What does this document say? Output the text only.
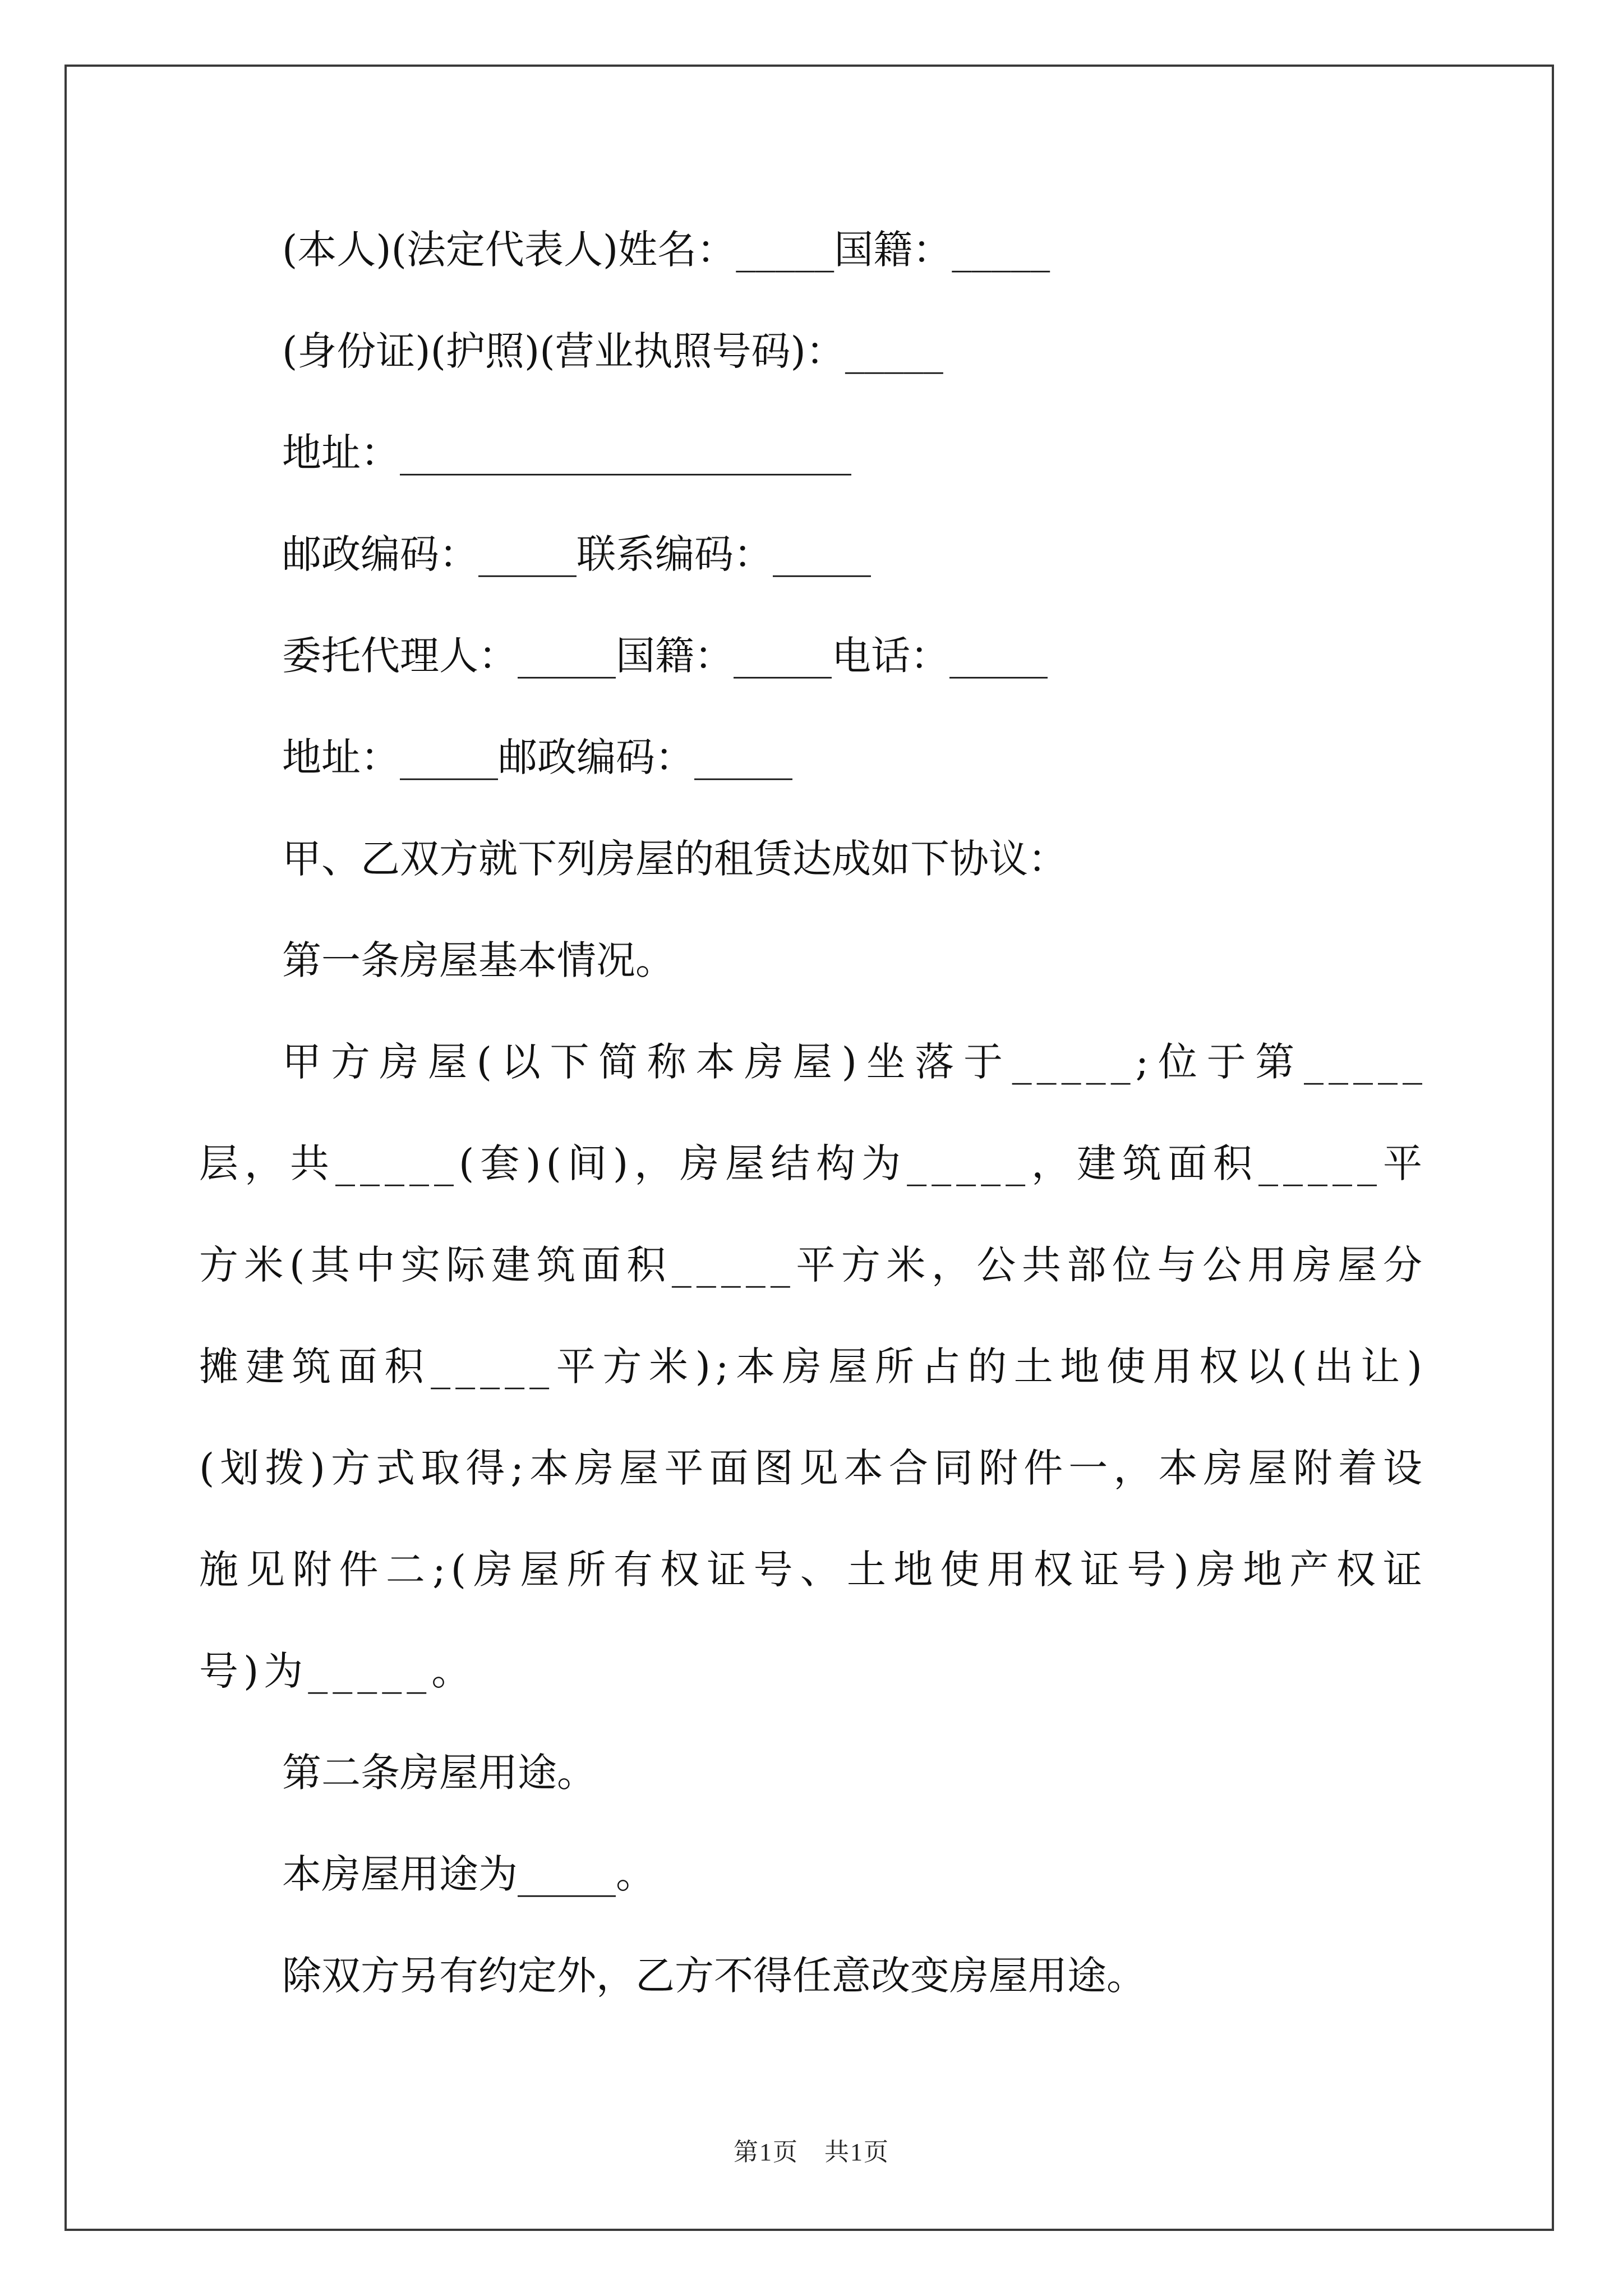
(本人)(法定代表人)姓名：_____国籍：_____

(身份证)(护照)(营业执照号码)：_____

地址：_______________________

邮政编码：_____联系编码：_____

委托代理人：_____国籍：_____电话：_____

地址：_____邮政编码：_____

甲、乙双方就下列房屋的租赁达成如下协议：

第一条房屋基本情况。

甲方房屋(以下简称本房屋)坐落于_____;位于第_____层，共_____(套)(间)，房屋结构为_____，建筑面积_____平方米(其中实际建筑面积_____平方米，公共部位与公用房屋分摊建筑面积_____平方米);本房屋所占的土地使用权以(出让)(划拨)方式取得;本房屋平面图见本合同附件一，本房屋附着设施见附件二;(房屋所有权证号、土地使用权证号)房地产权证号)为_____。

第二条房屋用途。

本房屋用途为_____。

除双方另有约定外，乙方不得任意改变房屋用途。

第1页　共1页
